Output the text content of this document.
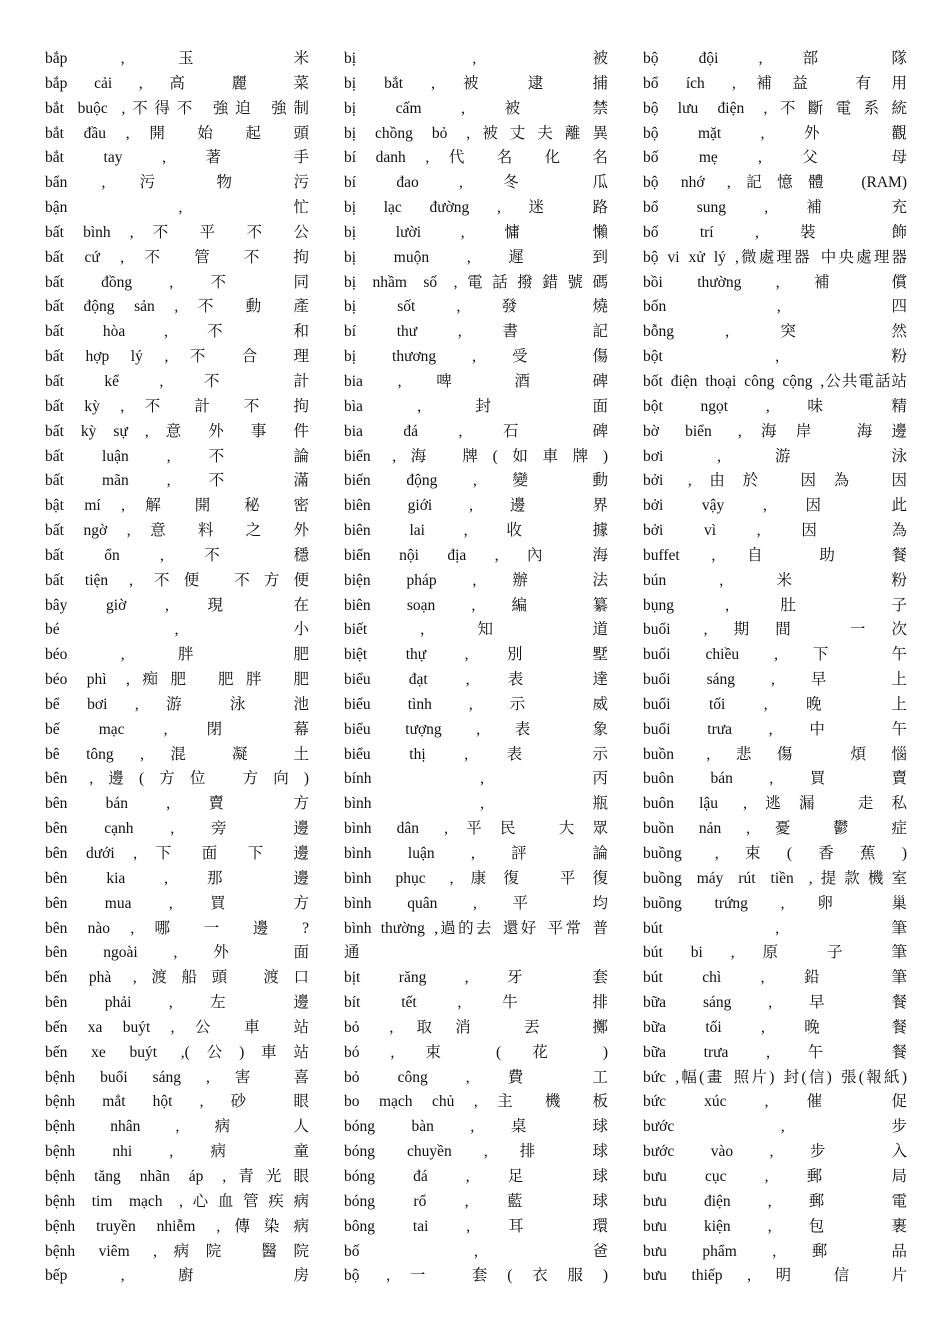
bắp , 玉 米
bắp cải , 高 麗 菜
bắt buộc ,不得不 強迫 強制
bắt đầu , 開 始 起 頭
bắt tay , 著 手
bẩn , 污 物 污
bận , 忙
bất bình , 不 平 不 公
bất cứ , 不 管 不 拘
bất đồng , 不 同
bất động sản , 不 動 產
bất hòa , 不 和
bất hợp lý , 不 合 理
bất kể , 不 計
bất kỳ , 不 計 不 拘
bất kỳ sự , 意 外 事 件
bất luận , 不 論
bất mãn , 不 滿
bật mí , 解 開 秘 密
bất ngờ , 意 料 之 外
bất ổn , 不 穩
bất tiện , 不便 不方便
bây giờ , 現 在
bé , 小
béo , 胖 肥
béo phì ,痴肥 肥胖 肥
bể bơi , 游 泳 池
bế mạc , 閉 幕
bê tông , 混 凝 土
bên ,邊(方位 方向)
bên bán , 賣 方
bên cạnh , 旁 邊
bên dưới , 下 面 下 邊
bên kia , 那 邊
bên mua , 買 方
bên nào , 哪 一 邊 ?
bên ngoài , 外 面
bến phà ,渡船頭 渡口
bên phải , 左 邊
bến xa buýt , 公 車 站
bến xe buýt ,(公)車站
bệnh buổi sáng , 害 喜
bệnh mắt hột , 砂 眼
bệnh nhân , 病 人
bệnh nhi , 病 童
bệnh tăng nhãn áp ,青光眼
bệnh tim mạch ,心血管疾病
bệnh truyền nhiễm ,傳染病
bệnh viêm ,病院 醫院
bếp , 廚 房
bị , 被
bị bắt , 被 逮 捕
bị cấm , 被 禁
bị chồng bỏ ,被丈夫離異
bí danh , 代 名 化 名
bí đao , 冬 瓜
bị lạc đường , 迷 路
bị lười , 慵 懶
bị muộn , 遲 到
bị nhầm số ,電話撥錯號碼
bị sốt , 發 燒
bí thư , 書 記
bị thương , 受 傷
bia , 啤 酒 碑
bìa , 封 面
bia đá , 石 碑
biển ,海 牌(如車牌)
biến động , 變 動
biên giới , 邊 界
biên lai , 收 據
biển nội địa , 內 海
biện pháp , 辦 法
biên soạn , 編 纂
biết , 知 道
biệt thự , 別 墅
biểu đạt , 表 達
biểu tình , 示 威
biểu tượng , 表 象
biểu thị , 表 示
bính , 丙
bình , 瓶
bình dân ,平民 大眾
bình luận , 評 論
bình phục ,康復 平復
bình quân , 平 均
bình thường ,過的去 還好 平常 普
通
bịt răng , 牙 套
bít tết , 牛 排
bỏ ,取消 丟 擲
bó , 束 ( 花 )
bỏ công , 費 工
bo mạch chủ , 主 機 板
bóng bàn , 桌 球
bóng chuyền , 排 球
bóng đá , 足 球
bóng rổ , 藍 球
bông tai , 耳 環
bố , 爸
bộ ,一 套(衣服)
bộ đội , 部 隊
bổ ích ,補益 有用
bộ lưu điện ,不斷電系統
bộ mặt , 外 觀
bố mẹ , 父 母
bộ nhớ ,記憶體 (RAM)
bổ sung , 補 充
bố trí , 裝 飾
bộ vi xử lý ,微處理器 中央處理器
bồi thường , 補 償
bốn , 四
bỗng , 突 然
bột , 粉
bốt điện thoại công cộng ,公共電話站
bột ngọt , 味 精
bờ biển ,海岸 海邊
bơi , 游 泳
bởi ,由於 因為 因
bởi vậy , 因 此
bởi vì , 因 為
buffet , 自 助 餐
bún , 米 粉
bụng , 肚 子
buổi ,期間 一次
buổi chiều , 下 午
buổi sáng , 早 上
buổi tối , 晚 上
buổi trưa , 中 午
buồn ,悲傷 煩惱
buôn bán , 買 賣
buôn lậu ,逃漏 走私
buồn nản , 憂 鬱 症
buồng ,束(香蕉)
buồng máy rút tiền ,提款機室
buồng trứng , 卵 巢
bút , 筆
bút bi , 原 子 筆
bút chì , 鉛 筆
bữa sáng , 早 餐
bữa tối , 晚 餐
bữa trưa , 午 餐
bức ,幅(畫 照片) 封(信) 張(報紙)
bức xúc , 催 促
bước , 步
bước vào , 步 入
bưu cục , 郵 局
bưu điện , 郵 電
bưu kiện , 包 裹
bưu phẩm , 郵 品
bưu thiếp , 明 信 片
